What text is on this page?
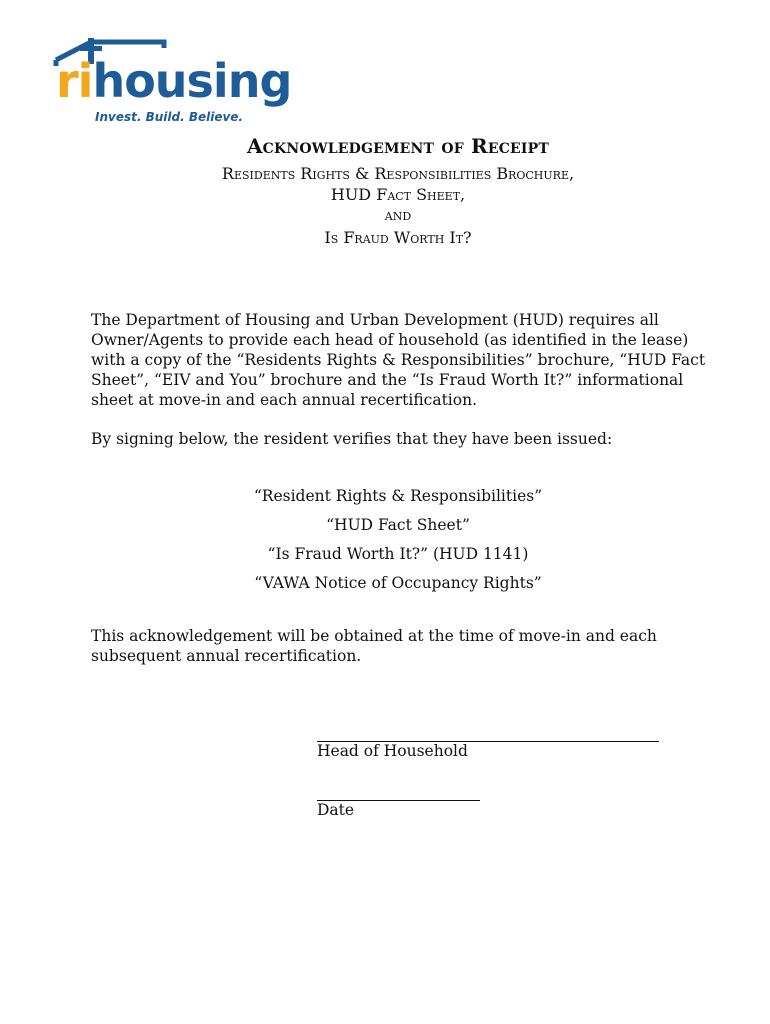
rihousing
Invest. Build. Believe.
Acknowledgement of Receipt
Residents Rights & Responsibilities Brochure,
HUD Fact Sheet,
and
Is Fraud Worth It?

The Department of Housing and Urban Development (HUD) requires all Owner/Agents to provide each head of household (as identified in the lease) with a copy of the “Residents Rights & Responsibilities” brochure, “HUD Fact Sheet”, “EIV and You” brochure and the “Is Fraud Worth It?” informational sheet at move-in and each annual recertification.

By signing below, the resident verifies that they have been issued:

“Resident Rights & Responsibilities”
“HUD Fact Sheet”
“Is Fraud Worth It?” (HUD 1141)
“VAWA Notice of Occupancy Rights”

This acknowledgement will be obtained at the time of move-in and each subsequent annual recertification.

Head of Household
Date
